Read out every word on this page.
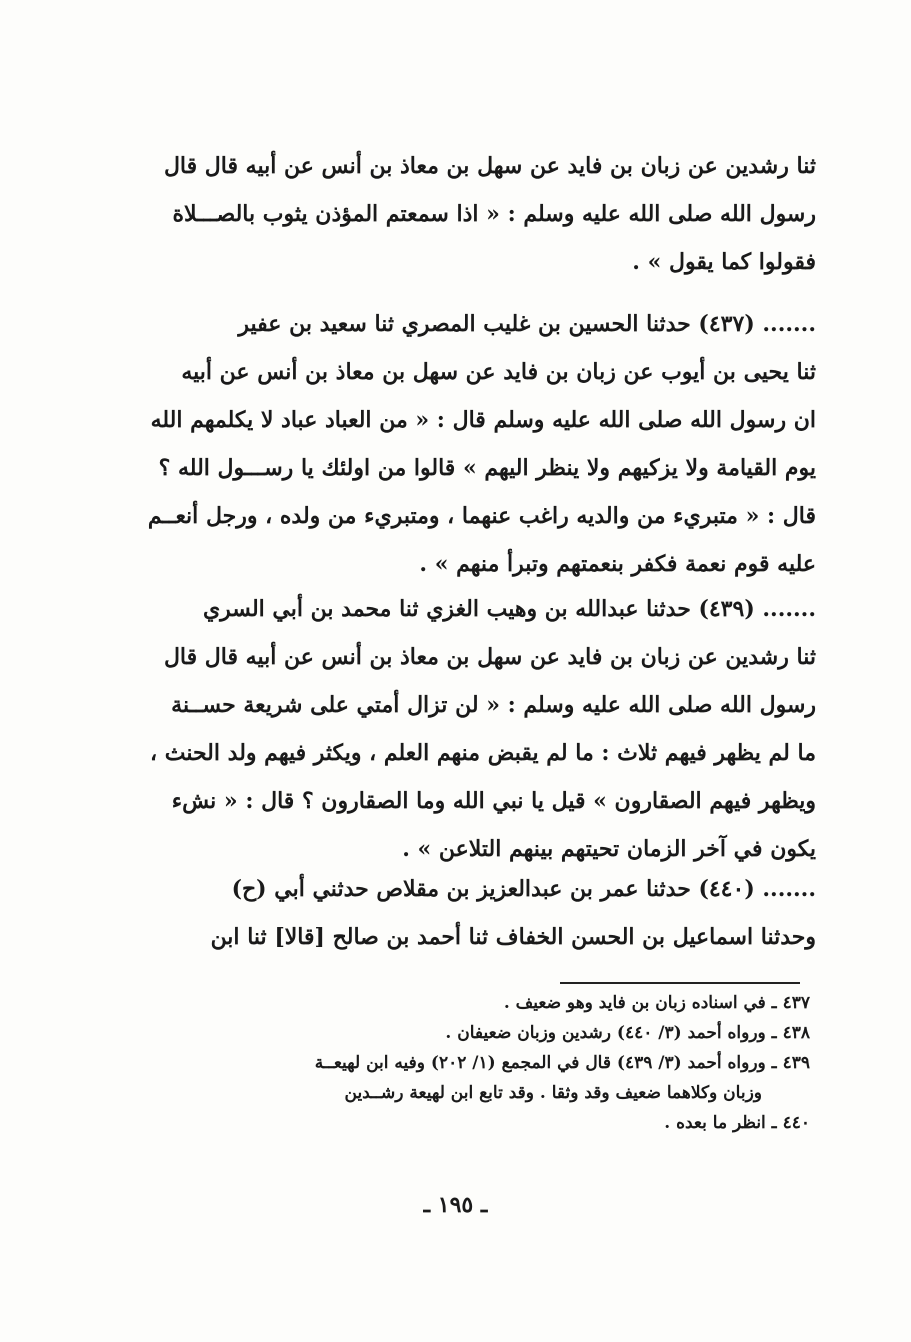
ثنا رشدين عن زبان بن فايد عن سهل بن معاذ بن أنس عن أبيه قال قال
رسول الله صلى الله عليه وسلم : « اذا سمعتم المؤذن يثوب بالصـــلاة
فقولوا كما يقول » .
....... (٤٣٧) حدثنا الحسين بن غليب المصري ثنا سعيد بن عفير
ثنا يحيى بن أيوب عن زبان بن فايد عن سهل بن معاذ بن أنس عن أبيه
ان رسول الله صلى الله عليه وسلم قال : « من العباد عباد لا يكلمهم الله
يوم القيامة ولا يزكيهم ولا ينظر اليهم » قالوا من اولئك يا رســـول الله ؟
قال : « متبريء من والديه راغب عنهما ، ومتبريء من ولده ، ورجل أنعــم
عليه قوم نعمة فكفر بنعمتهم وتبرأ منهم » .
....... (٤٣٩) حدثنا عبدالله بن وهيب الغزي ثنا محمد بن أبي السري
ثنا رشدين عن زبان بن فايد عن سهل بن معاذ بن أنس عن أبيه قال قال
رسول الله صلى الله عليه وسلم : « لن تزال أمتي على شريعة حســنة
ما لم يظهر فيهم ثلاث : ما لم يقبض منهم العلم ، ويكثر فيهم ولد الحنث ،
ويظهر فيهم الصقارون » قيل يا نبي الله وما الصقارون ؟ قال : « نشء
يكون في آخر الزمان تحيتهم بينهم التلاعن » .
....... (٤٤٠) حدثنا عمر بن عبدالعزيز بن مقلاص حدثني أبي (ح)
وحدثنا اسماعيل بن الحسن الخفاف ثنا أحمد بن صالح [قالا] ثنا ابن
٤٣٧ ـ في اسناده زبان بن فايد وهو ضعيف .
٤٣٨ ـ ورواه أحمد (٣/ ٤٤٠) رشدين وزبان ضعيفان .
٤٣٩ ـ ورواه أحمد (٣/ ٤٣٩) قال في المجمع (١/ ٢٠٢) وفيه ابن لهيعــة
وزبان وكلاهما ضعيف وقد وثقا . وقد تابع ابن لهيعة رشــدين
٤٤٠ ـ انظر ما بعده .
ـ ١٩٥ ـ
